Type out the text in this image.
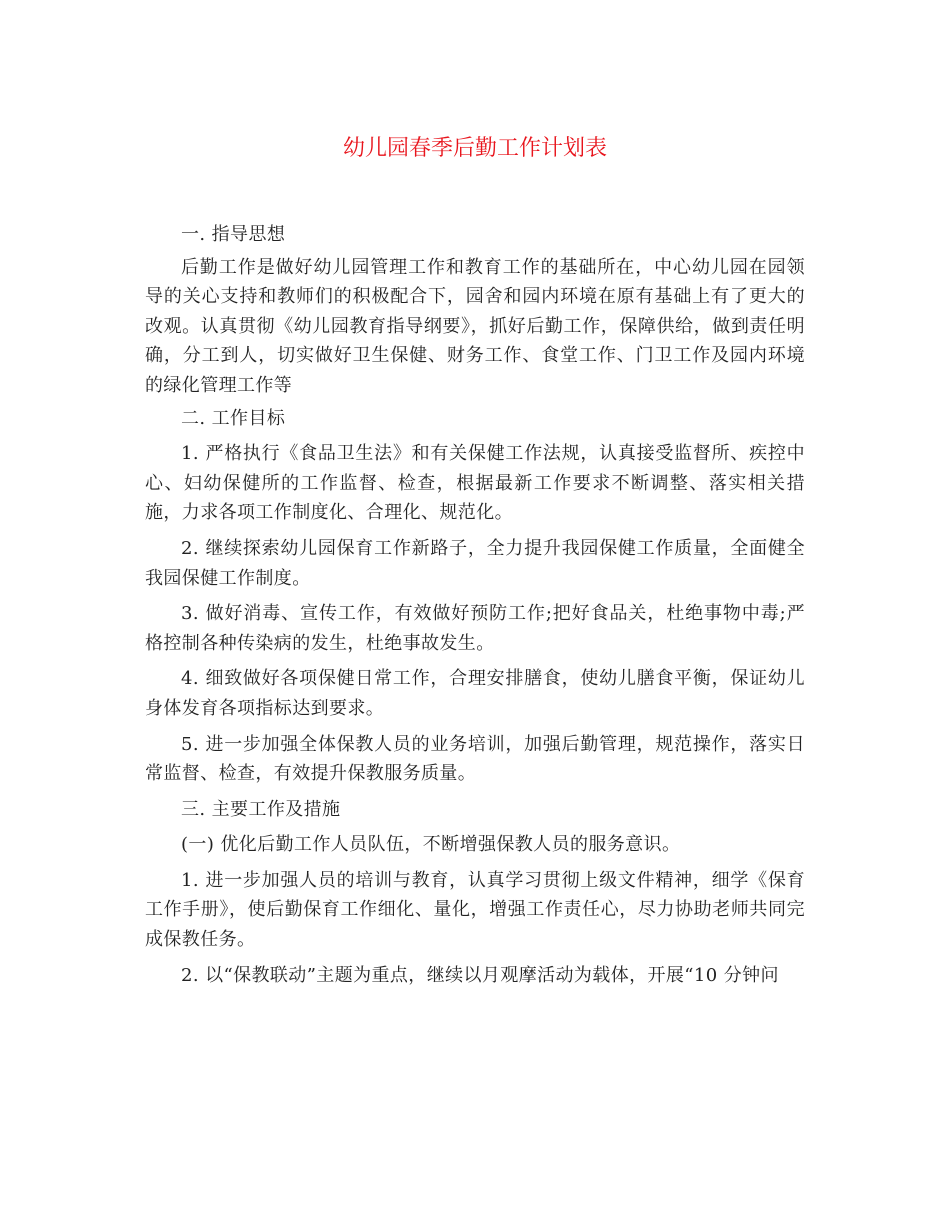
幼儿园春季后勤工作计划表

一. 指导思想

后勤工作是做好幼儿园管理工作和教育工作的基础所在，中心幼儿园在园领导的关心支持和教师们的积极配合下，园舍和园内环境在原有基础上有了更大的改观。认真贯彻《幼儿园教育指导纲要》，抓好后勤工作，保障供给，做到责任明确，分工到人，切实做好卫生保健、财务工作、食堂工作、门卫工作及园内环境的绿化管理工作等

二. 工作目标

1. 严格执行《食品卫生法》和有关保健工作法规，认真接受监督所、疾控中心、妇幼保健所的工作监督、检查，根据最新工作要求不断调整、落实相关措施，力求各项工作制度化、合理化、规范化。

2. 继续探索幼儿园保育工作新路子，全力提升我园保健工作质量，全面健全我园保健工作制度。

3. 做好消毒、宣传工作，有效做好预防工作;把好食品关，杜绝事物中毒;严格控制各种传染病的发生，杜绝事故发生。

4. 细致做好各项保健日常工作，合理安排膳食，使幼儿膳食平衡，保证幼儿身体发育各项指标达到要求。

5. 进一步加强全体保教人员的业务培训，加强后勤管理，规范操作，落实日常监督、检查，有效提升保教服务质量。

三. 主要工作及措施

(一) 优化后勤工作人员队伍，不断增强保教人员的服务意识。

1. 进一步加强人员的培训与教育，认真学习贯彻上级文件精神，细学《保育工作手册》，使后勤保育工作细化、量化，增强工作责任心，尽力协助老师共同完成保教任务。

2. 以“保教联动”主题为重点，继续以月观摩活动为载体，开展“10 分钟问
